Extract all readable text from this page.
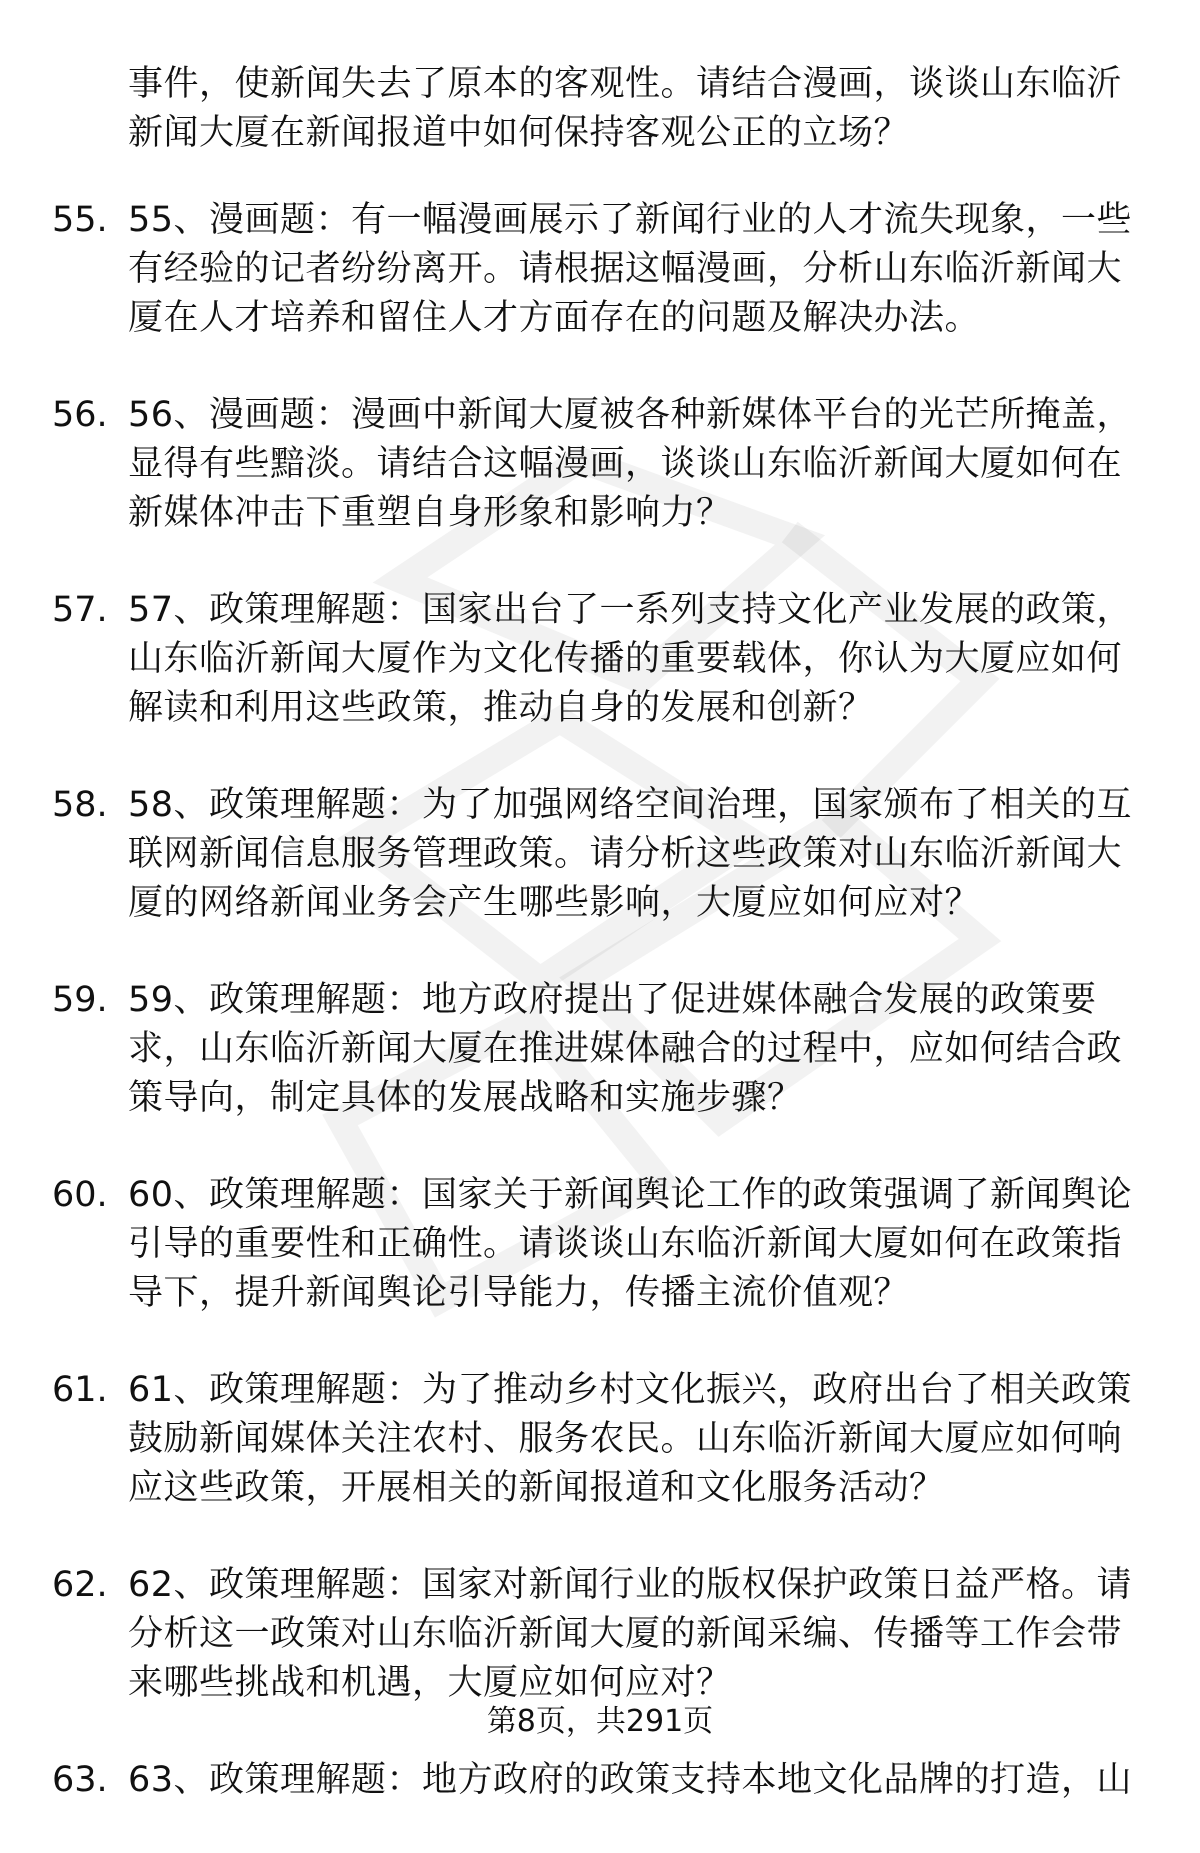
事件，使新闻失去了原本的客观性。请结合漫画，谈谈山东临沂新闻大厦在新闻报道中如何保持客观公正的立场？
55. 55、漫画题：有一幅漫画展示了新闻行业的人才流失现象，一些有经验的记者纷纷离开。请根据这幅漫画，分析山东临沂新闻大厦在人才培养和留住人才方面存在的问题及解决办法。
56. 56、漫画题：漫画中新闻大厦被各种新媒体平台的光芒所掩盖，显得有些黯淡。请结合这幅漫画，谈谈山东临沂新闻大厦如何在新媒体冲击下重塑自身形象和影响力？
57. 57、政策理解题：国家出台了一系列支持文化产业发展的政策，山东临沂新闻大厦作为文化传播的重要载体，你认为大厦应如何解读和利用这些政策，推动自身的发展和创新？
58. 58、政策理解题：为了加强网络空间治理，国家颁布了相关的互联网新闻信息服务管理政策。请分析这些政策对山东临沂新闻大厦的网络新闻业务会产生哪些影响，大厦应如何应对？
59. 59、政策理解题：地方政府提出了促进媒体融合发展的政策要求，山东临沂新闻大厦在推进媒体融合的过程中，应如何结合政策导向，制定具体的发展战略和实施步骤？
60. 60、政策理解题：国家关于新闻舆论工作的政策强调了新闻舆论引导的重要性和正确性。请谈谈山东临沂新闻大厦如何在政策指导下，提升新闻舆论引导能力，传播主流价值观？
61. 61、政策理解题：为了推动乡村文化振兴，政府出台了相关政策鼓励新闻媒体关注农村、服务农民。山东临沂新闻大厦应如何响应这些政策，开展相关的新闻报道和文化服务活动？
62. 62、政策理解题：国家对新闻行业的版权保护政策日益严格。请分析这一政策对山东临沂新闻大厦的新闻采编、传播等工作会带来哪些挑战和机遇，大厦应如何应对？
63. 63、政策理解题：地方政府的政策支持本地文化品牌的打造，山
第8页，共291页
